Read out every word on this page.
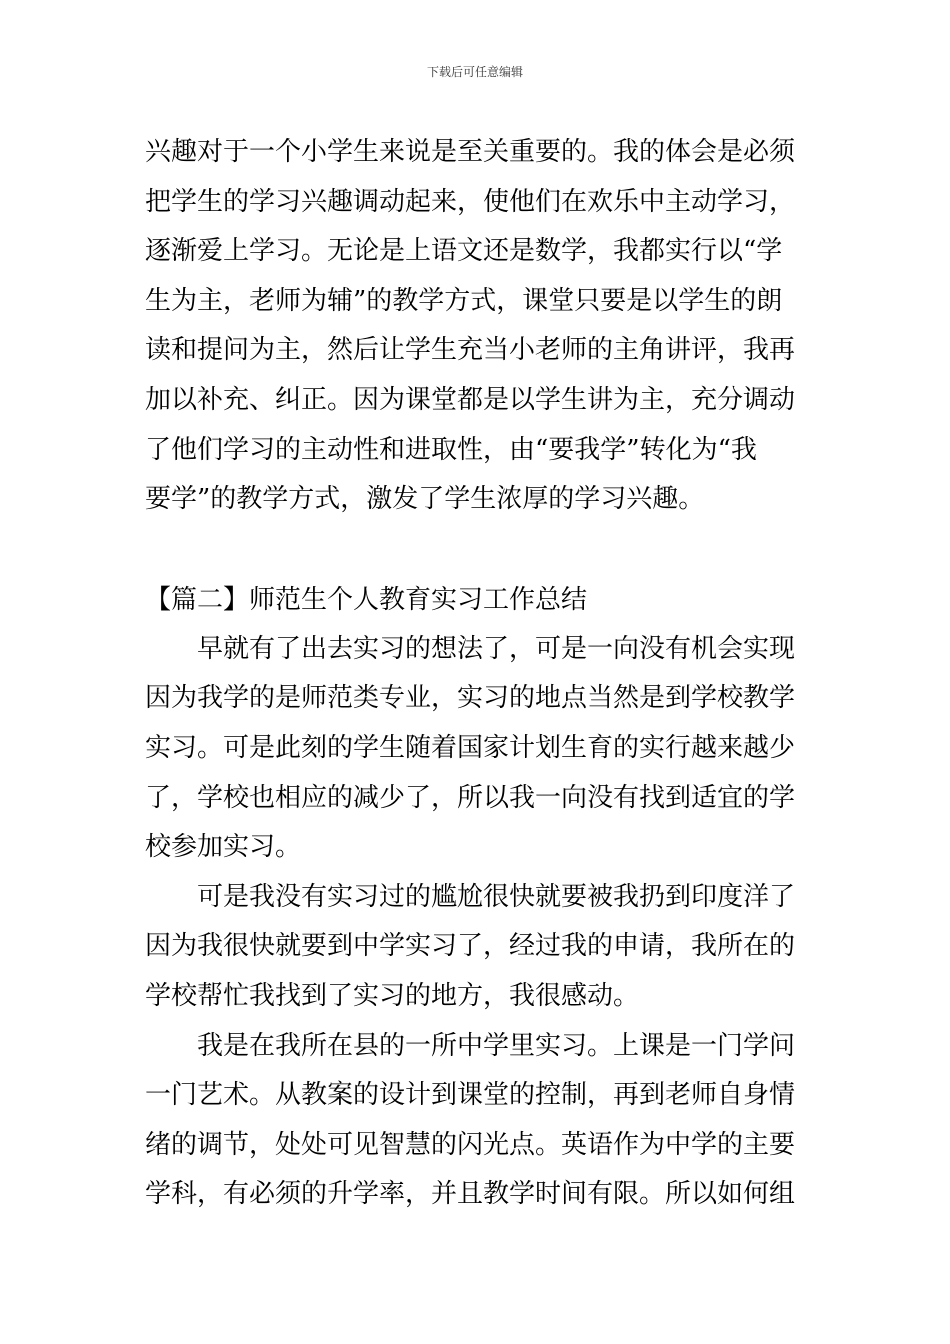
下载后可任意编辑
兴趣对于一个小学生来说是至关重要的。我的体会是必须
把学生的学习兴趣调动起来，使他们在欢乐中主动学习，
逐渐爱上学习。无论是上语文还是数学，我都实行以“学
生为主，老师为辅”的教学方式，课堂只要是以学生的朗
读和提问为主，然后让学生充当小老师的主角讲评，我再
加以补充、纠正。因为课堂都是以学生讲为主，充分调动
了他们学习的主动性和进取性，由“要我学”转化为“我
要学”的教学方式，激发了学生浓厚的学习兴趣。
【篇二】师范生个人教育实习工作总结
早就有了出去实习的想法了，可是一向没有机会实现
因为我学的是师范类专业，实习的地点当然是到学校教学
实习。可是此刻的学生随着国家计划生育的实行越来越少
了，学校也相应的减少了，所以我一向没有找到适宜的学
校参加实习。
可是我没有实习过的尴尬很快就要被我扔到印度洋了
因为我很快就要到中学实习了，经过我的申请，我所在的
学校帮忙我找到了实习的地方，我很感动。
我是在我所在县的一所中学里实习。上课是一门学问
一门艺术。从教案的设计到课堂的控制，再到老师自身情
绪的调节，处处可见智慧的闪光点。英语作为中学的主要
学科，有必须的升学率，并且教学时间有限。所以如何组
